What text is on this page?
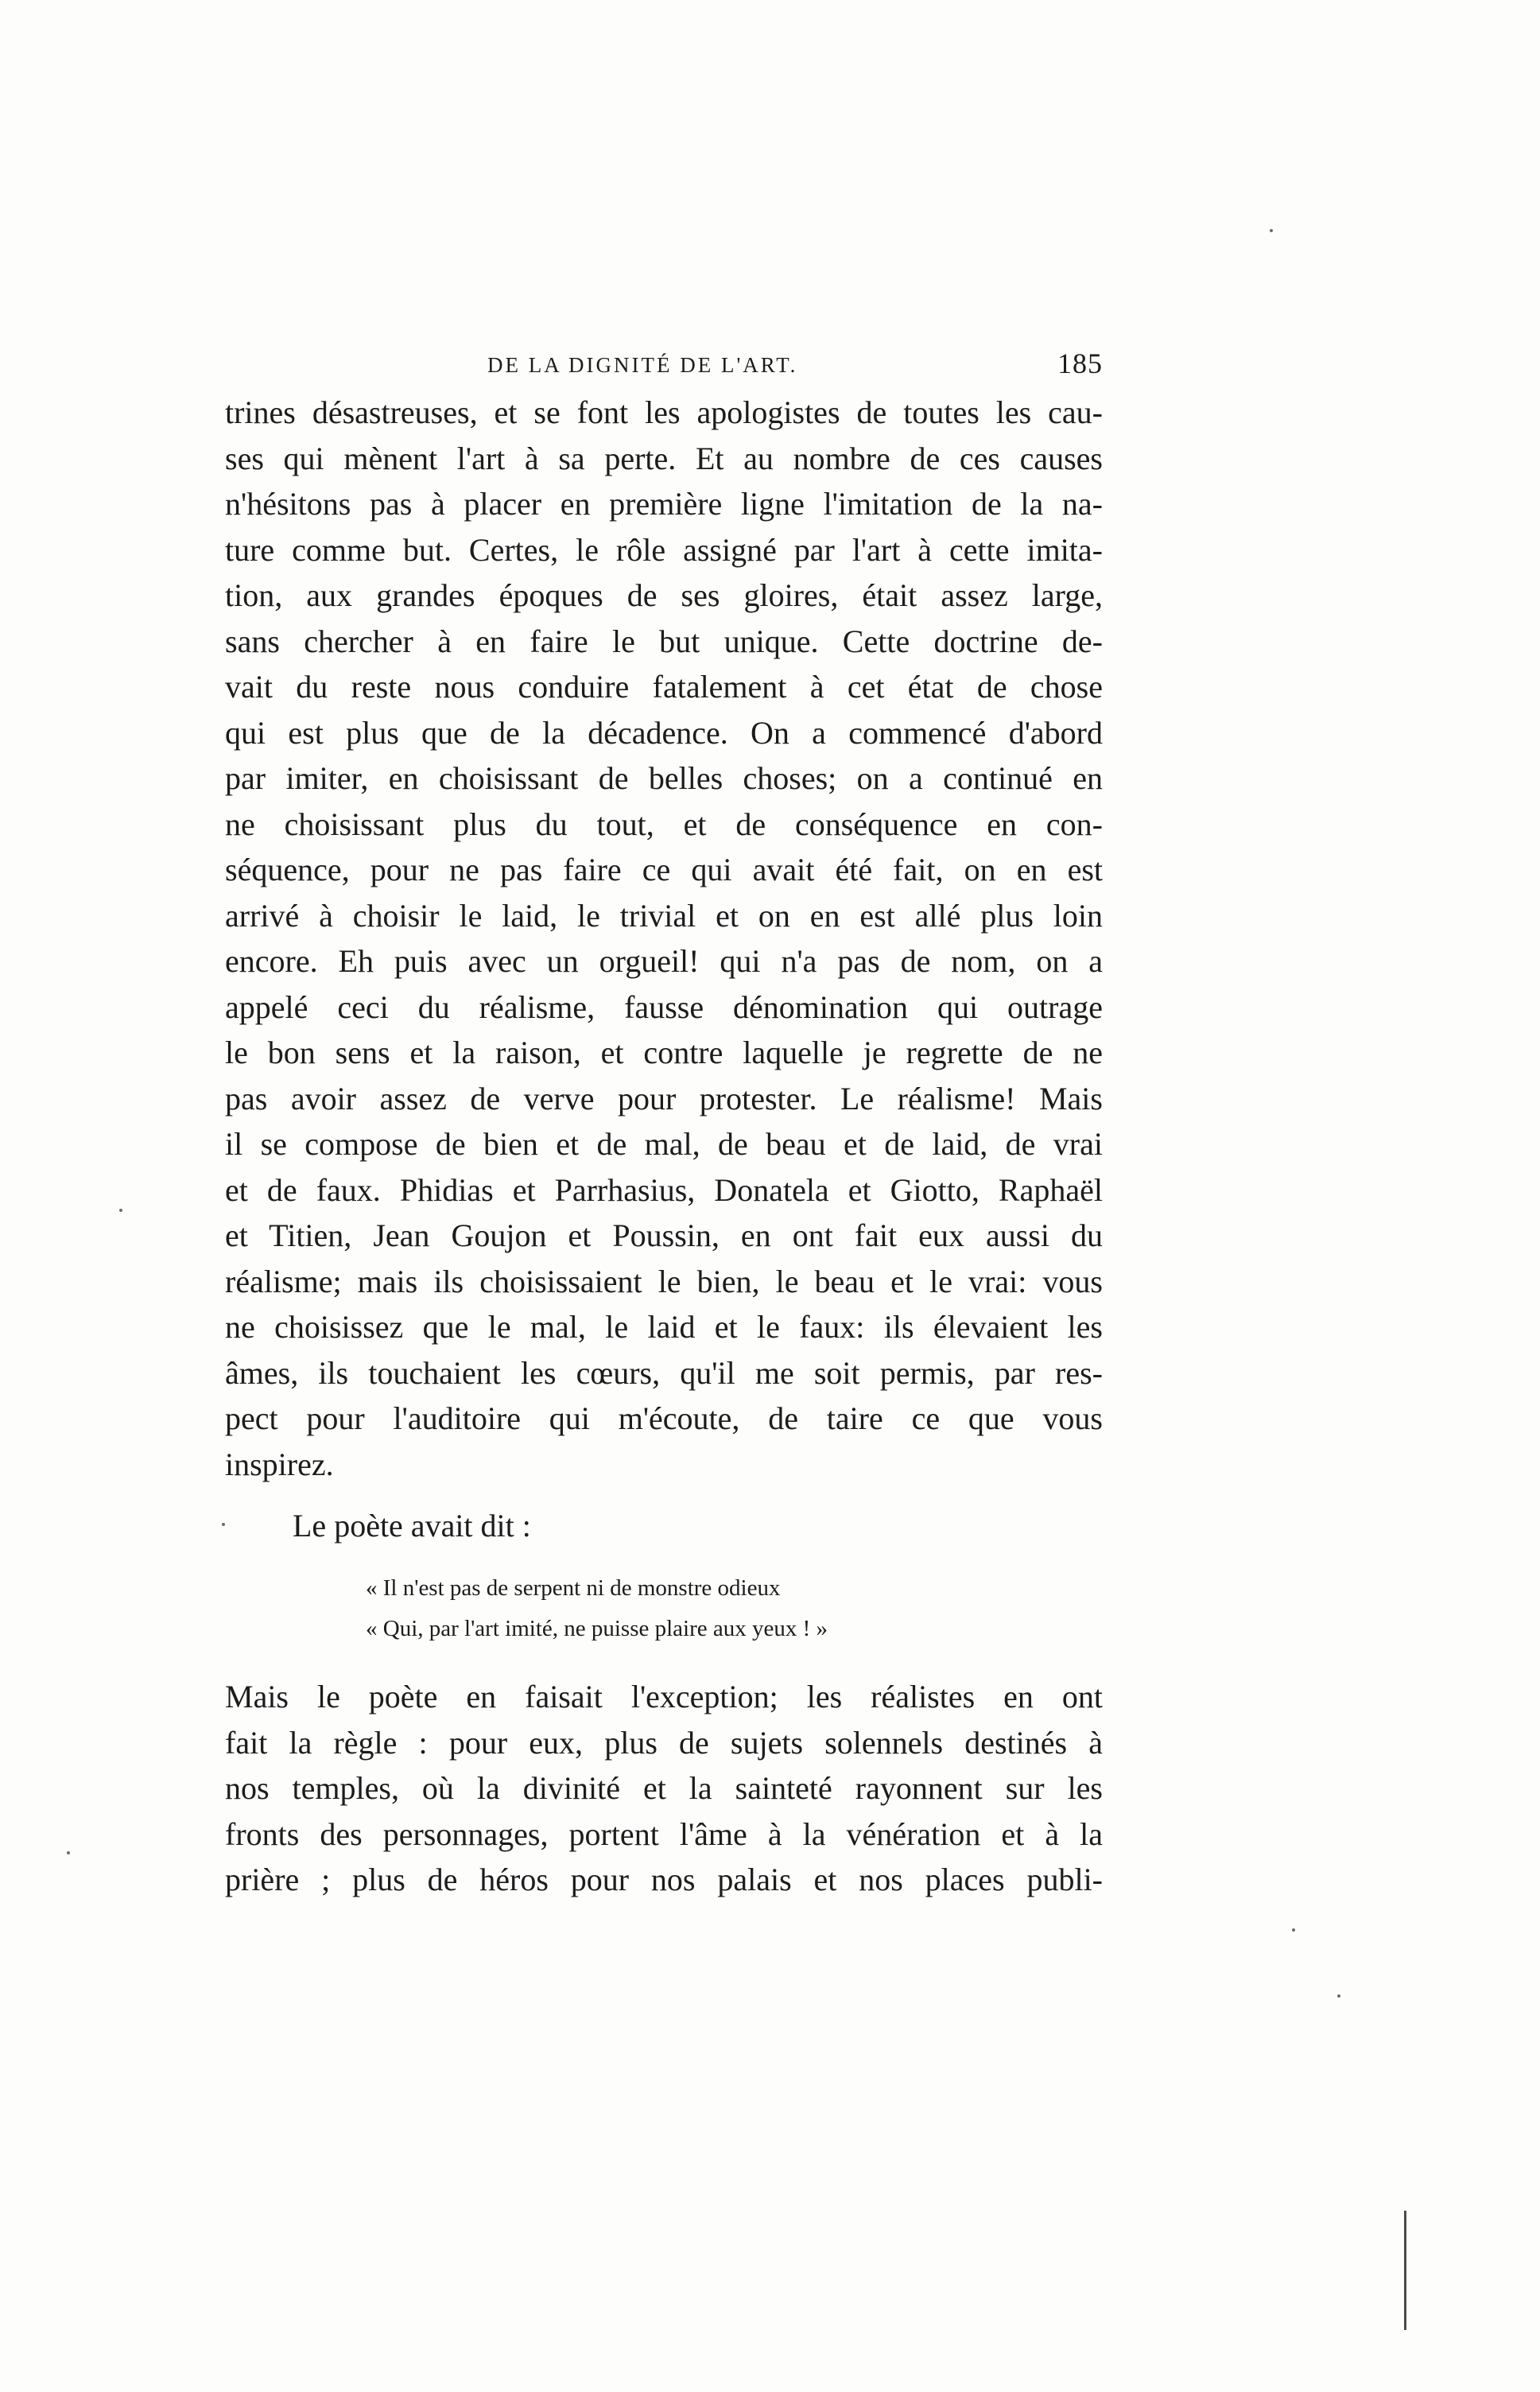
DE LA DIGNITÉ DE L'ART.	185
trines désastreuses, et se font les apologistes de toutes les cau-
ses qui mènent l'art à sa perte. Et au nombre de ces causes
n'hésitons pas à placer en première ligne l'imitation de la na-
ture comme but. Certes, le rôle assigné par l'art à cette imita-
tion, aux grandes époques de ses gloires, était assez large,
sans chercher à en faire le but unique. Cette doctrine de-
vait du reste nous conduire fatalement à cet état de chose
qui est plus que de la décadence. On a commencé d'abord
par imiter, en choisissant de belles choses; on a continué en
ne choisissant plus du tout, et de conséquence en con-
séquence, pour ne pas faire ce qui avait été fait, on en est
arrivé à choisir le laid, le trivial et on en est allé plus loin
encore. Eh puis avec un orgueil! qui n'a pas de nom, on a
appelé ceci du réalisme, fausse dénomination qui outrage
le bon sens et la raison, et contre laquelle je regrette de ne
pas avoir assez de verve pour protester. Le réalisme! Mais
il se compose de bien et de mal, de beau et de laid, de vrai
et de faux. Phidias et Parrhasius, Donatela et Giotto, Raphaël
et Titien, Jean Goujon et Poussin, en ont fait eux aussi du
réalisme; mais ils choisissaient le bien, le beau et le vrai: vous
ne choisissez que le mal, le laid et le faux: ils élevaient les
âmes, ils touchaient les cœurs, qu'il me soit permis, par res-
pect pour l'auditoire qui m'écoute, de taire ce que vous
inspirez.
Le poète avait dit :
« Il n'est pas de serpent ni de monstre odieux
« Qui, par l'art imité, ne puisse plaire aux yeux ! »
Mais le poète en faisait l'exception; les réalistes en ont
fait la règle : pour eux, plus de sujets solennels destinés à
nos temples, où la divinité et la sainteté rayonnent sur les
fronts des personnages, portent l'âme à la vénération et à la
prière ; plus de héros pour nos palais et nos places publi-
